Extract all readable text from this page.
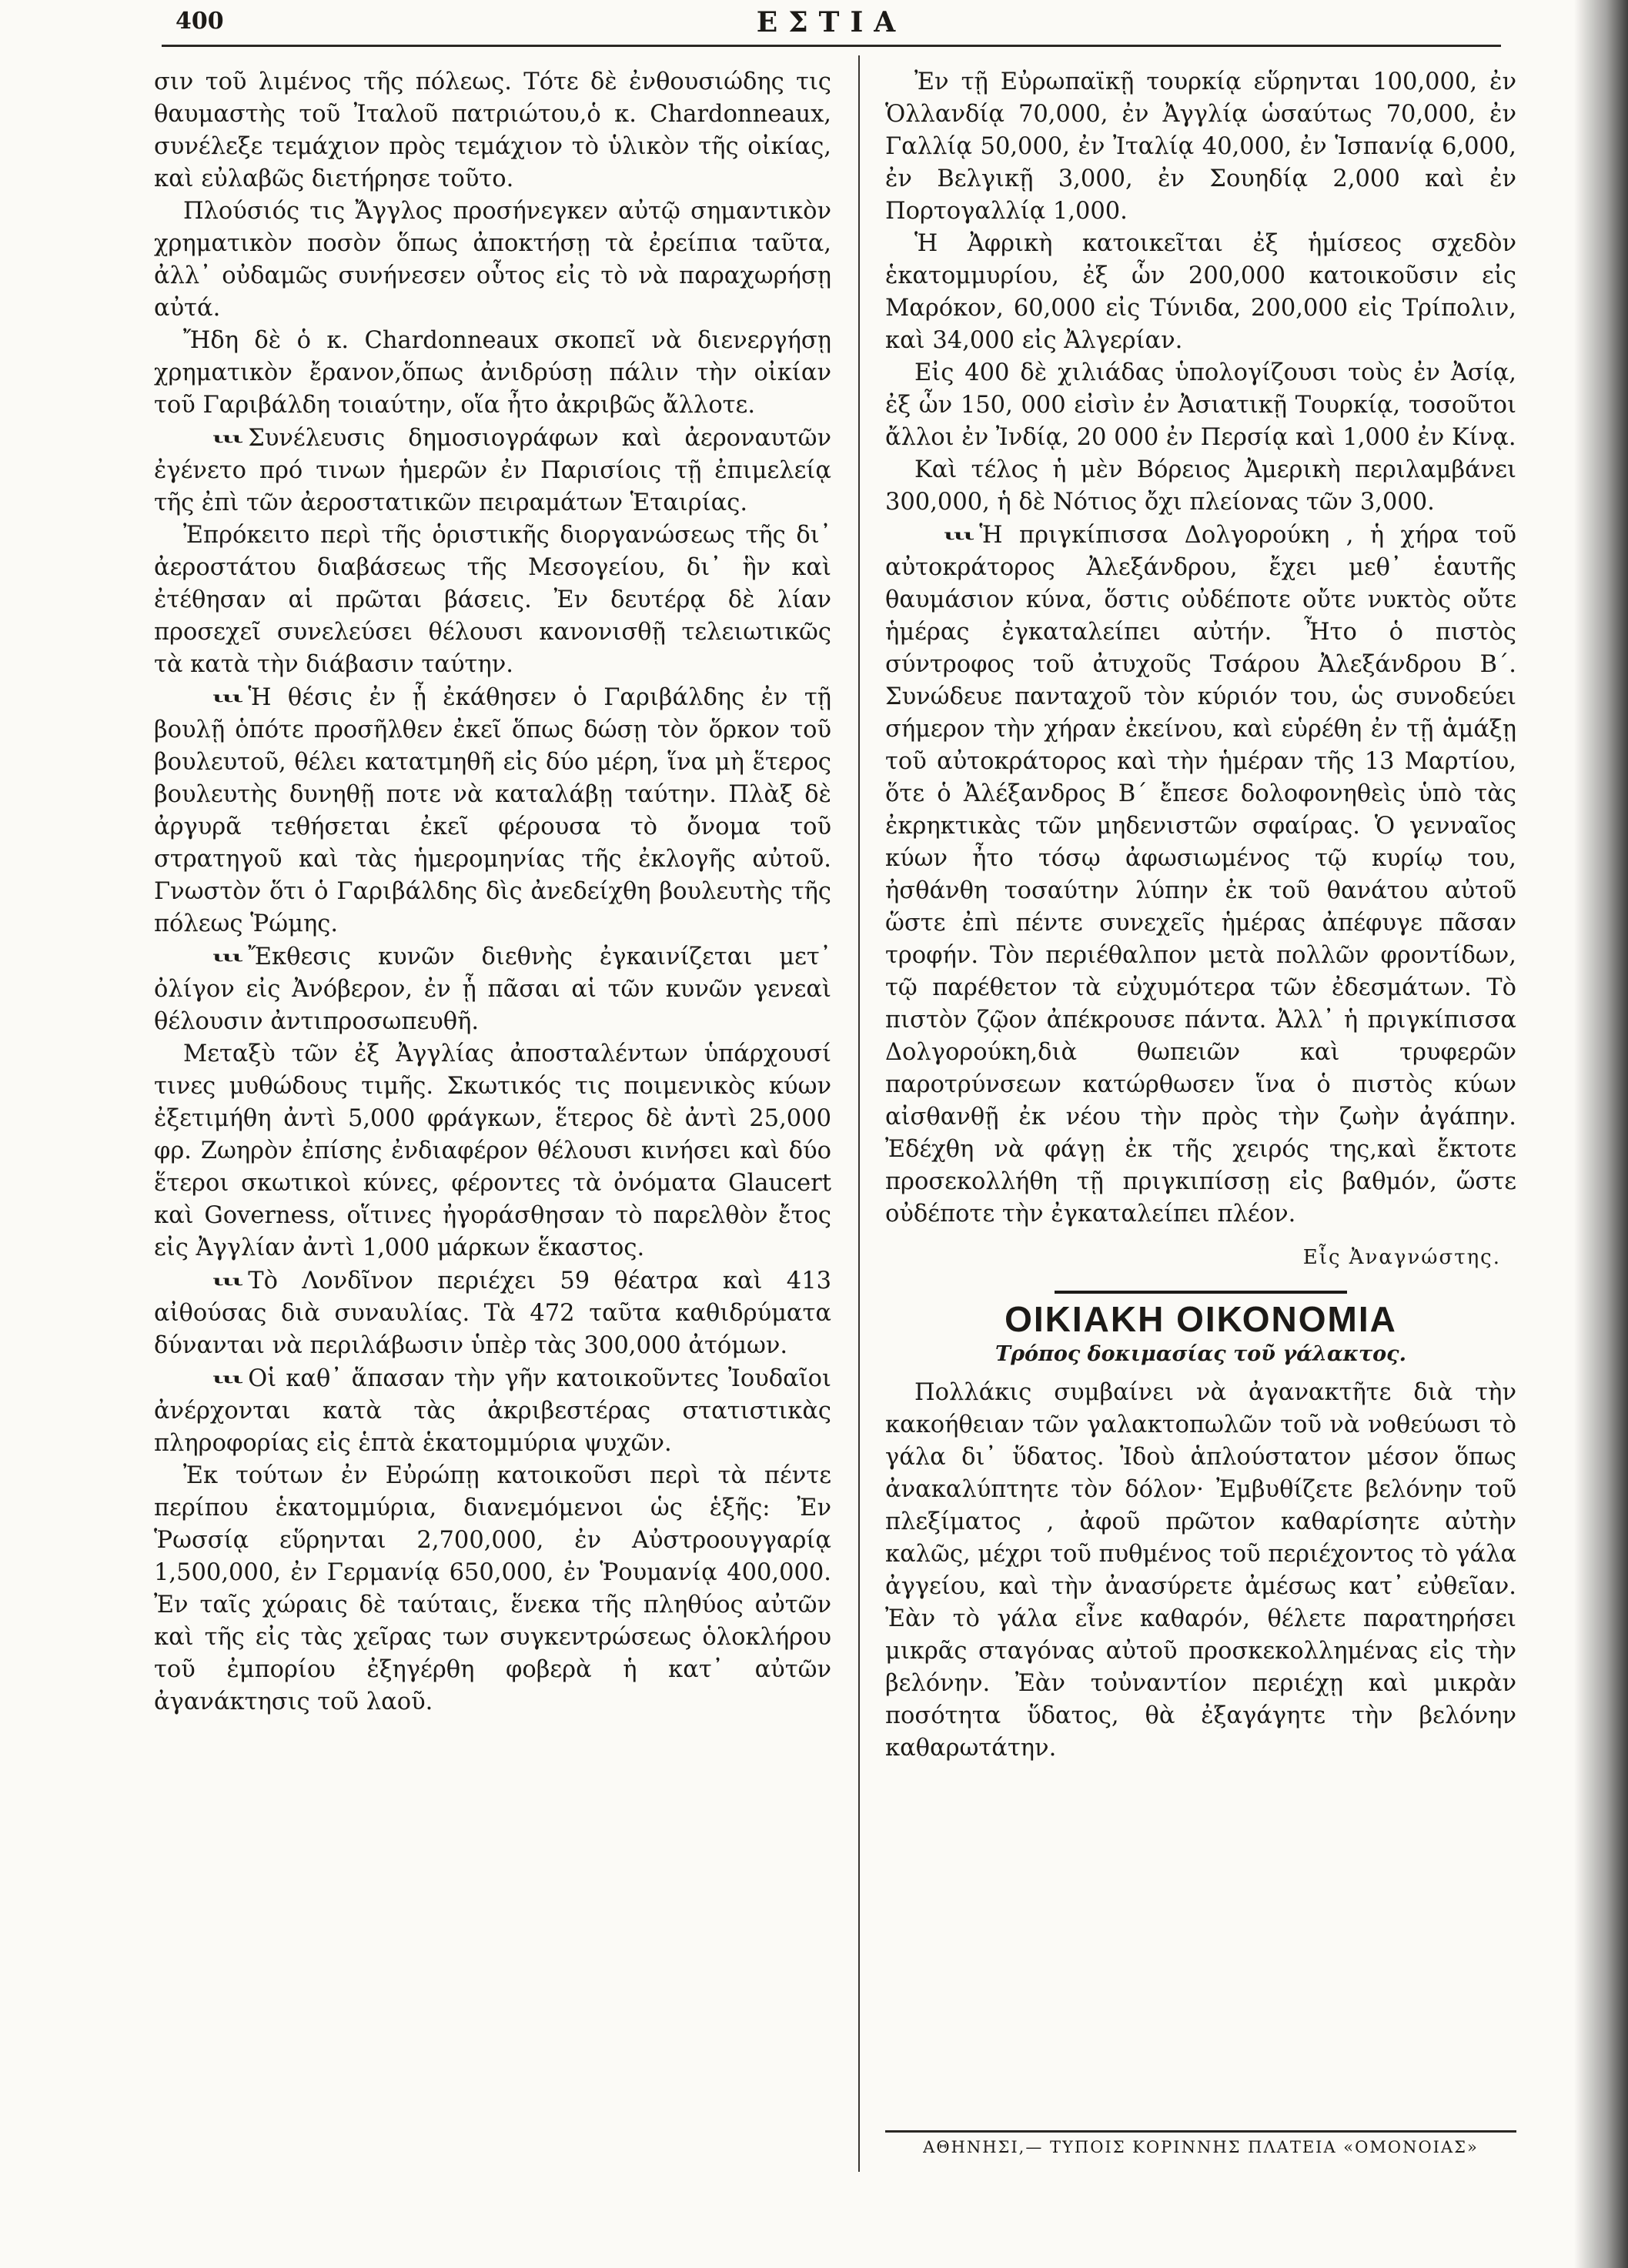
400	ΕΣΤΙΑ

σιν τοῦ λιμένος τῆς πόλεως. Τότε δὲ ἐνθουσιώδης τις θαυμαστὴς τοῦ Ἰταλοῦ πατριώτου,ὁ κ. Chardonneaux, συνέλεξε τεμάχιον πρὸς τεμάχιον τὸ ὑλικὸν τῆς οἰκίας, καὶ εὐλαβῶς διετήρησε τοῦτο.

Πλούσιός τις Ἄγγλος προσήνεγκεν αὐτῷ σημαντικὸν χρηματικὸν ποσὸν ὅπως ἀποκτήσῃ τὰ ἐρείπια ταῦτα, ἀλλ᾽ οὐδαμῶς συνήνεσεν οὗτος εἰς τὸ νὰ παραχωρήσῃ αὐτά.

Ἤδη δὲ ὁ κ. Chardonneaux σκοπεῖ νὰ διενεργήσῃ χρηματικὸν ἔρανον,ὅπως ἀνιδρύσῃ πάλιν τὴν οἰκίαν τοῦ Γαριβάλδη τοιαύτην, οἵα ἦτο ἀκριβῶς ἄλλοτε.

ιιι Συνέλευσις δημοσιογράφων καὶ ἀεροναυτῶν ἐγένετο πρό τινων ἡμερῶν ἐν Παρισίοις τῇ ἐπιμελείᾳ τῆς ἐπὶ τῶν ἀεροστατικῶν πειραμάτων Ἑταιρίας.

Ἐπρόκειτο περὶ τῆς ὁριστικῆς διοργανώσεως τῆς δι᾽ ἀεροστάτου διαβάσεως τῆς Μεσογείου, δι᾽ ἣν καὶ ἐτέθησαν αἱ πρῶται βάσεις. Ἐν δευτέρᾳ δὲ λίαν προσεχεῖ συνελεύσει θέλουσι κανονισθῇ τελειωτικῶς τὰ κατὰ τὴν διάβασιν ταύτην.

ιιι Ἡ θέσις ἐν ᾗ ἐκάθησεν ὁ Γαριβάλδης ἐν τῇ βουλῇ ὁπότε προσῆλθεν ἐκεῖ ὅπως δώσῃ τὸν ὅρκον τοῦ βουλευτοῦ, θέλει κατατμηθῆ εἰς δύο μέρη, ἵνα μὴ ἕτερος βουλευτὴς δυνηθῇ ποτε νὰ καταλάβῃ ταύτην. Πλὰξ δὲ ἀργυρᾶ τεθήσεται ἐκεῖ φέρουσα τὸ ὄνομα τοῦ στρατηγοῦ καὶ τὰς ἡμερομηνίας τῆς ἐκλογῆς αὐτοῦ. Γνωστὸν ὅτι ὁ Γαριβάλδης δὶς ἀνεδείχθη βουλευτὴς τῆς πόλεως Ῥώμης.

ιιι Ἔκθεσις κυνῶν διεθνὴς ἐγκαινίζεται μετ᾽ ὀλίγον εἰς Ἀνόβερον, ἐν ᾗ πᾶσαι αἱ τῶν κυνῶν γενεαὶ θέλουσιν ἀντιπροσωπευθῆ.

Μεταξὺ τῶν ἐξ Ἀγγλίας ἀποσταλέντων ὑπάρχουσί τινες μυθώδους τιμῆς. Σκωτικός τις ποιμενικὸς κύων ἐξετιμήθη ἀντὶ 5,000 φράγκων, ἕτερος δὲ ἀντὶ 25,000 φρ. Ζωηρὸν ἐπίσης ἐνδιαφέρον θέλουσι κινήσει καὶ δύο ἕτεροι σκωτικοὶ κύνες, φέροντες τὰ ὀνόματα Glaucert καὶ Governess, οἵτινες ἠγοράσθησαν τὸ παρελθὸν ἔτος εἰς Ἀγγλίαν ἀντὶ 1,000 μάρκων ἕκαστος.

ιιι Τὸ Λονδῖνον περιέχει 59 θέατρα καὶ 413 αἰθούσας διὰ συναυλίας. Τὰ 472 ταῦτα καθιδρύματα δύνανται νὰ περιλάβωσιν ὑπὲρ τὰς 300,000 ἀτόμων.

ιιι Οἱ καθ᾽ ἅπασαν τὴν γῆν κατοικοῦντες Ἰουδαῖοι ἀνέρχονται κατὰ τὰς ἀκριβεστέρας στατιστικὰς πληροφορίας εἰς ἑπτὰ ἑκατομμύρια ψυχῶν.

Ἐκ τούτων ἐν Εὐρώπῃ κατοικοῦσι περὶ τὰ πέντε περίπου ἑκατομμύρια, διανεμόμενοι ὡς ἑξῆς: Ἐν Ῥωσσίᾳ εὕρηνται 2,700,000, ἐν Αὐστροουγγαρίᾳ 1,500,000, ἐν Γερμανίᾳ 650,000, ἐν Ῥουμανίᾳ 400,000. Ἐν ταῖς χώραις δὲ ταύταις, ἕνεκα τῆς πληθύος αὐτῶν καὶ τῆς εἰς τὰς χεῖρας των συγκεντρώσεως ὁλοκλήρου τοῦ ἐμπορίου ἐξηγέρθη φοβερὰ ἡ κατ᾽ αὐτῶν ἀγανάκτησις τοῦ λαοῦ.

Ἐν τῇ Εὐρωπαϊκῇ τουρκίᾳ εὕρηνται 100,000, ἐν Ὁλλανδίᾳ 70,000, ἐν Ἀγγλίᾳ ὡσαύτως 70,000, ἐν Γαλλίᾳ 50,000, ἐν Ἰταλίᾳ 40,000, ἐν Ἱσπανίᾳ 6,000, ἐν Βελγικῇ 3,000, ἐν Σουηδίᾳ 2,000 καὶ ἐν Πορτογαλλίᾳ 1,000.

Ἡ Ἀφρικὴ κατοικεῖται ἐξ ἡμίσεος σχεδὸν ἑκατομμυρίου, ἐξ ὧν 200,000 κατοικοῦσιν εἰς Μαρόκον, 60,000 εἰς Τύνιδα, 200,000 εἰς Τρίπολιν, καὶ 34,000 εἰς Ἀλγερίαν.

Εἰς 400 δὲ χιλιάδας ὑπολογίζουσι τοὺς ἐν Ἀσίᾳ, ἐξ ὧν 150, 000 εἰσὶν ἐν Ἀσιατικῇ Τουρκίᾳ, τοσοῦτοι ἄλλοι ἐν Ἰνδίᾳ, 20 000 ἐν Περσίᾳ καὶ 1,000 ἐν Κίνᾳ.

Καὶ τέλος ἡ μὲν Βόρειος Ἀμερικὴ περιλαμβάνει 300,000, ἡ δὲ Νότιος ὄχι πλείονας τῶν 3,000.

ιιι Ἡ πριγκίπισσα Δολγορούκη , ἡ χήρα τοῦ αὐτοκράτορος Ἀλεξάνδρου, ἔχει μεθ᾽ ἑαυτῆς θαυμάσιον κύνα, ὅστις οὐδέποτε οὔτε νυκτὸς οὔτε ἡμέρας ἐγκαταλείπει αὐτήν. Ἦτο ὁ πιστὸς σύντροφος τοῦ ἀτυχοῦς Τσάρου Ἀλεξάνδρου Β΄. Συνώδευε πανταχοῦ τὸν κύριόν του, ὡς συνοδεύει σήμερον τὴν χήραν ἐκείνου, καὶ εὑρέθη ἐν τῇ ἁμάξῃ τοῦ αὐτοκράτορος καὶ τὴν ἡμέραν τῆς 13 Μαρτίου, ὅτε ὁ Ἀλέξανδρος Β΄ ἔπεσε δολοφονηθεὶς ὑπὸ τὰς ἐκρηκτικὰς τῶν μηδενιστῶν σφαίρας. Ὁ γενναῖος κύων ἦτο τόσῳ ἀφωσιωμένος τῷ κυρίῳ του, ἠσθάνθη τοσαύτην λύπην ἐκ τοῦ θανάτου αὐτοῦ ὥστε ἐπὶ πέντε συνεχεῖς ἡμέρας ἀπέφυγε πᾶσαν τροφήν. Τὸν περιέθαλπον μετὰ πολλῶν φροντίδων, τῷ παρέθετον τὰ εὐχυμότερα τῶν ἐδεσμάτων. Τὸ πιστὸν ζῷον ἀπέκρουσε πάντα. Ἀλλ᾽ ἡ πριγκίπισσα Δολγορούκη,διὰ θωπειῶν καὶ τρυφερῶν παροτρύνσεων κατώρθωσεν ἵνα ὁ πιστὸς κύων αἰσθανθῇ ἐκ νέου τὴν πρὸς τὴν ζωὴν ἀγάπην. Ἐδέχθη νὰ φάγῃ ἐκ τῆς χειρός της,καὶ ἔκτοτε προσεκολλήθη τῇ πριγκιπίσσῃ εἰς βαθμόν, ὥστε οὐδέποτε τὴν ἐγκαταλείπει πλέον.

Εἷς Ἀναγνώστης.

ΟΙΚΙΑΚΗ ΟΙΚΟΝΟΜΙΑ

Τρόπος δοκιμασίας τοῦ γάλακτος.

Πολλάκις συμβαίνει νὰ ἀγανακτῆτε διὰ τὴν κακοήθειαν τῶν γαλακτοπωλῶν τοῦ νὰ νοθεύωσι τὸ γάλα δι᾽ ὕδατος. Ἰδοὺ ἁπλούστατον μέσον ὅπως ἀνακαλύπτητε τὸν δόλον· Ἐμβυθίζετε βελόνην τοῦ πλεξίματος , ἀφοῦ πρῶτον καθαρίσητε αὐτὴν καλῶς, μέχρι τοῦ πυθμένος τοῦ περιέχοντος τὸ γάλα ἀγγείου, καὶ τὴν ἀνασύρετε ἀμέσως κατ᾽ εὐθεῖαν. Ἐὰν τὸ γάλα εἶνε καθαρόν, θέλετε παρατηρήσει μικρᾶς σταγόνας αὐτοῦ προσκεκολλημένας εἰς τὴν βελόνην. Ἐὰν τοὐναντίον περιέχῃ καὶ μικρὰν ποσότητα ὕδατος, θὰ ἐξαγάγητε τὴν βελόνην καθαρωτάτην.

ΑΘΗΝΗΣΙ,— ΤΥΠΟΙΣ ΚΟΡΙΝΝΗΣ ΠΛΑΤΕΙΑ «ΟΜΟΝΟΙΑΣ»
